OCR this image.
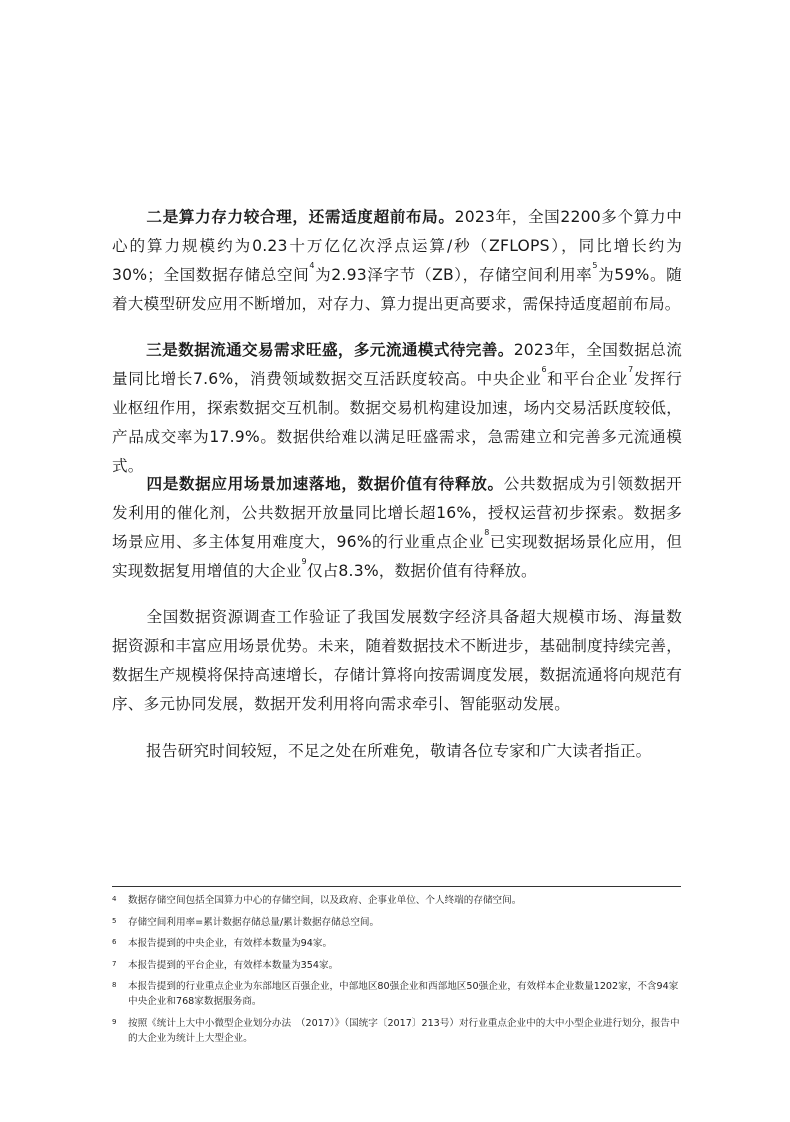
二是算力存力较合理，还需适度超前布局。2023年，全国2200多个算力中心的算力规模约为0.23十万亿亿次浮点运算/秒（ZFLOPS），同比增长约为30%；全国数据存储总空间$^4$为2.93泽字节（ZB），存储空间利用率$^5$为59%。随着大模型研发应用不断增加，对存力、算力提出更高要求，需保持适度超前布局。

三是数据流通交易需求旺盛，多元流通模式待完善。2023年，全国数据总流量同比增长7.6%，消费领域数据交互活跃度较高。中央企业$^6$和平台企业$^7$发挥行业枢纽作用，探索数据交互机制。数据交易机构建设加速，场内交易活跃度较低，产品成交率为17.9%。数据供给难以满足旺盛需求，急需建立和完善多元流通模式。

四是数据应用场景加速落地，数据价值有待释放。公共数据成为引领数据开发利用的催化剂，公共数据开放量同比增长超16%，授权运营初步探索。数据多场景应用、多主体复用难度大，96%的行业重点企业$^8$已实现数据场景化应用，但实现数据复用增值的大企业$^9$仅占8.3%，数据价值有待释放。

全国数据资源调查工作验证了我国发展数字经济具备超大规模市场、海量数据资源和丰富应用场景优势。未来，随着数据技术不断进步，基础制度持续完善，数据生产规模将保持高速增长，存储计算将向按需调度发展，数据流通将向规范有序、多元协同发展，数据开发利用将向需求牵引、智能驱动发展。

报告研究时间较短，不足之处在所难免，敬请各位专家和广大读者指正。

4 数据存储空间包括全国算力中心的存储空间，以及政府、企事业单位、个人终端的存储空间。
5 存储空间利用率=累计数据存储总量/累计数据存储总空间。
6 本报告提到的中央企业，有效样本数量为94家。
7 本报告提到的平台企业，有效样本数量为354家。
8 本报告提到的行业重点企业为东部地区百强企业，中部地区80强企业和西部地区50强企业，有效样本企业数量1202家，不含94家中央企业和768家数据服务商。
9 按照《统计上大中小微型企业划分办法　（2017）》（国统字〔2017〕213号）对行业重点企业中的大中小型企业进行划分，报告中的大企业为统计上大型企业。
